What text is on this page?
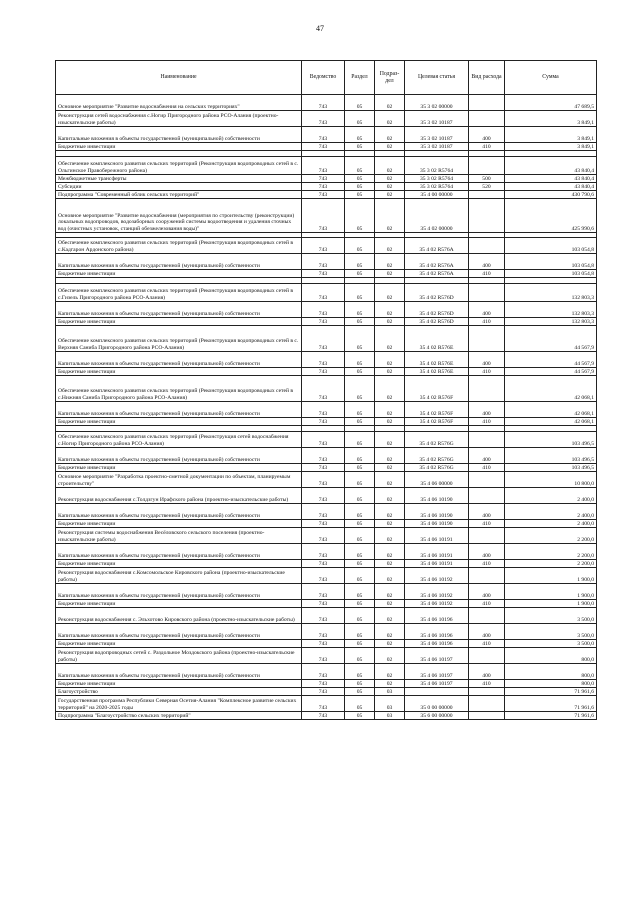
47
Наименование	Ведомство	Раздел	Подраз-дел	Целевая статья	Вид расхода	Сумма
Основное мероприятие "Развитие водоснабжения на сельских территориях"	743	05	02	35 3 02 00000		47 689,5
Реконструкция сетей водоснабжения с.Ногир Пригородного района РСО-Алания (проектно-изыскательские работы)	743	05	02	35 3 02 10187		3 849,1
Капитальные вложения в объекты государственной (муниципальной) собственности	743	05	02	35 3 02 10187	400	3 849,1
Бюджетные инвестиции	743	05	02	35 3 02 10187	410	3 849,1

Обеспечение комплексного развития сельских территорий (Реконструкция водопроводных сетей в с. Ольгинское Правобережного района)	743	05	02	35 3 02 R5764		43 840,4
Межбюджетные трансферты	743	05	02	35 3 02 R5764	500	43 840,4
Субсидии	743	05	02	35 3 02 R5764	520	43 840,4
Подпрограмма "Современный облик сельских территорий"	743	05	02	35 4 00 00000		430 790,6
Основное мероприятие "Развитие водоснабжения (мероприятия по строительству (реконструкции) локальных водопроводов, водозаборных сооружений системы водоотведения и удаления сточных вод (очистных установок, станций обезжелезования воды)"	743	05	02	35 4 02 00000		425 990,6

Обеспечение комплексного развития сельских территорий (Реконструкция водопроводных сетей в с.Кадгарон Ардонского района)	743	05	02	35 4 02 R576А		103 054,8
Капитальные вложения в объекты государственной (муниципальной) собственности	743	05	02	35 4 02 R576А	400	103 054,8
Бюджетные инвестиции	743	05	02	35 4 02 R576А	410	103 054,8

Обеспечение комплексного развития сельских территорий (Реконструкция водопроводных сетей в с.Гизель Пригородного района РСО-Алания)	743	05	02	35 4 02 R576D		132 803,3
Капитальные вложения в объекты государственной (муниципальной) собственности	743	05	02	35 4 02 R576D	400	132 803,3
Бюджетные инвестиции	743	05	02	35 4 02 R576D	410	132 803,3
Обеспечение комплексного развития сельских территорий (Реконструкция водопроводных сетей в с. Верхняя Саниба Пригородного района РСО-Алания)	743	05	02	35 4 02 R576E		44 567,9
Капитальные вложения в объекты государственной (муниципальной) собственности	743	05	02	35 4 02 R576E	400	44 567,9
Бюджетные инвестиции	743	05	02	35 4 02 R576E	410	44 567,9
Обеспечение комплексного развития сельских территорий (Реконструкция водопроводных сетей в с.Нижняя Саниба Пригородного района РСО-Алания)	743	05	02	35 4 02 R576F		42 068,1
Капитальные вложения в объекты государственной (муниципальной) собственности	743	05	02	35 4 02 R576F	400	42 068,1
Бюджетные инвестиции	743	05	02	35 4 02 R576F	410	42 068,1

Обеспечение комплексного развития сельских территорий (Реконструкция сетей водоснабжения с.Ногир Пригородного района РСО-Алания)	743	05	02	35 4 02 R576G		103 496,5
Капитальные вложения в объекты государственной (муниципальной) собственности	743	05	02	35 4 02 R576G	400	103 496,5
Бюджетные инвестиции	743	05	02	35 4 02 R576G	410	103 496,5
Основное мероприятие "Разработка проектно-сметной документации по объектам, планируемым строительству"	743	05	02	35 4 06 00000		10 800,0
Реконструкция водоснабжения с.Толдзгун Ирафского района (проектно-изыскательские работы)	743	05	02	35 4 06 10190		2 400,0
Капитальные вложения в объекты государственной (муниципальной) собственности	743	05	02	35 4 06 10190	400	2 400,0
Бюджетные инвестиции	743	05	02	35 4 06 10190	410	2 400,0
Реконструкция системы водоснабжения Весёловского сельского поселения (проектно-изыскательские работы)	743	05	02	35 4 06 10191		2 200,0
Капитальные вложения в объекты государственной (муниципальной) собственности	743	05	02	35 4 06 10191	400	2 200,0
Бюджетные инвестиции	743	05	02	35 4 06 10191	410	2 200,0
Реконструкция водоснабжения с.Комсомольское Кировского района (проектно-изыскательские работы)	743	05	02	35 4 06 10192		1 900,0
Капитальные вложения в объекты государственной (муниципальной) собственности	743	05	02	35 4 06 10192	400	1 900,0
Бюджетные инвестиции	743	05	02	35 4 06 10192	410	1 900,0
Реконструкция водоснабжения с. Эльхотово Кировского района (проектно-изыскательские работы)	743	05	02	35 4 06 10196		3 500,0
Капитальные вложения в объекты государственной (муниципальной) собственности	743	05	02	35 4 06 10196	400	3 500,0
Бюджетные инвестиции	743	05	02	35 4 06 10196	410	3 500,0
Реконструкция водопроводных сетей с. Раздольное Моздокского района (проектно-изыскательские работы)	743	05	02	35 4 06 10197		800,0
Капитальные вложения в объекты государственной (муниципальной) собственности	743	05	02	35 4 06 10197	400	800,0
Бюджетные инвестиции	743	05	02	35 4 06 10197	410	800,0
Благоустройство	743	05	03			71 961,6
Государственная программа Республики Северная Осетия-Алания "Комплексное развитие сельских территорий" на 2020-2025 годы	743	05	03	35 0 00 00000		71 961,6
Подпрограмма "Благоустройство сельских территорий"	743	05	03	35 6 00 00000		71 961,6
